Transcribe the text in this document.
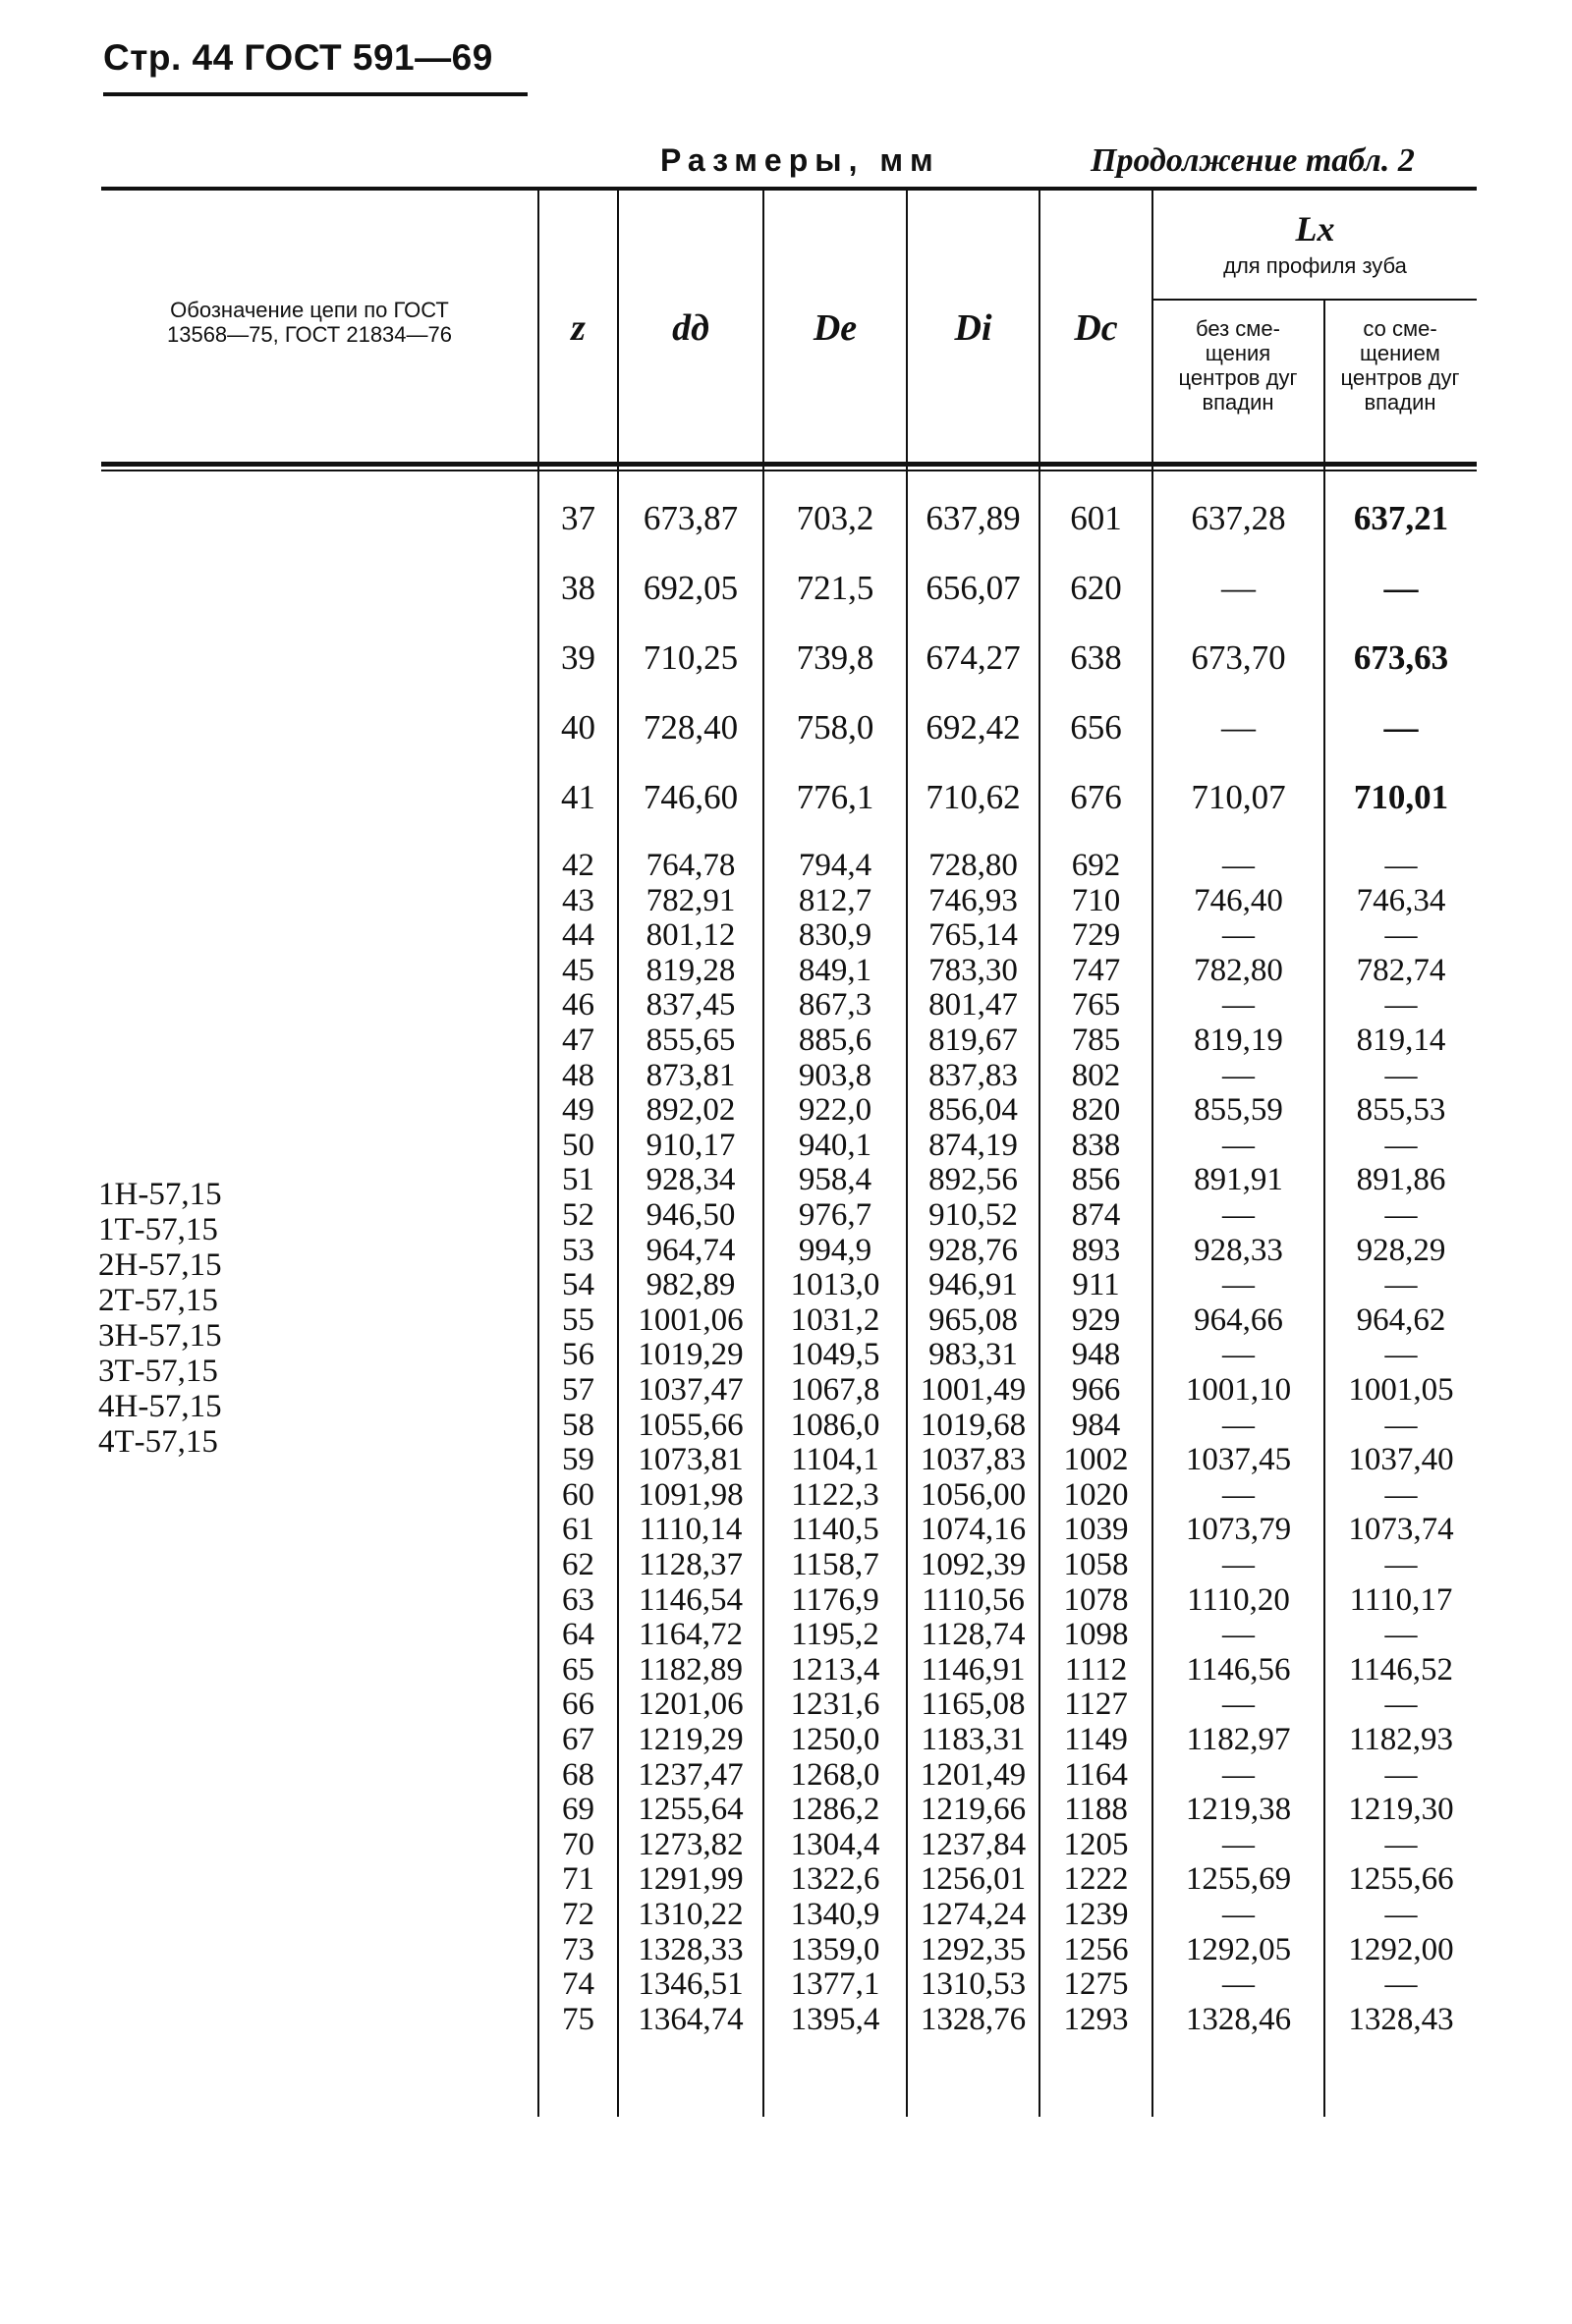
Стр. 44 ГОСТ 591—69
Размеры, мм	Продолжение табл. 2
Обозначение цепи по ГОСТ 13568—75, ГОСТ 21834—76	z	dд	De	Di	Dc
Lx
для профиля зуба
без сме- щения центров дуг впадин
со сме- щением центров дуг впадин
37	673,87	703,2	637,89	601	637,28	637,21
38	692,05	721,5	656,07	620	—	—
39	710,25	739,8	674,27	638	673,70	673,63
40	728,40	758,0	692,42	656	—	—
41	746,60	776,1	710,62	676	710,07	710,01
42	764,78	794,4	728,80	692	—	—
43	782,91	812,7	746,93	710	746,40	746,34
44	801,12	830,9	765,14	729	—	—
45	819,28	849,1	783,30	747	782,80	782,74
46	837,45	867,3	801,47	765	—	—
47	855,65	885,6	819,67	785	819,19	819,14
48	873,81	903,8	837,83	802	—	—
49	892,02	922,0	856,04	820	855,59	855,53
50	910,17	940,1	874,19	838	—	—
51	928,34	958,4	892,56	856	891,91	891,86
52	946,50	976,7	910,52	874	—	—
53	964,74	994,9	928,76	893	928,33	928,29
54	982,89	1013,0	946,91	911	—	—
55	1001,06	1031,2	965,08	929	964,66	964,62
56	1019,29	1049,5	983,31	948	—	—
57	1037,47	1067,8	1001,49	966	1001,10	1001,05
58	1055,66	1086,0	1019,68	984	—	—
59	1073,81	1104,1	1037,83	1002	1037,45	1037,40
60	1091,98	1122,3	1056,00	1020	—	—
61	1110,14	1140,5	1074,16	1039	1073,79	1073,74
62	1128,37	1158,7	1092,39	1058	—	—
63	1146,54	1176,9	1110,56	1078	1110,20	1110,17
64	1164,72	1195,2	1128,74	1098	—	—
65	1182,89	1213,4	1146,91	1112	1146,56	1146,52
66	1201,06	1231,6	1165,08	1127	—	—
67	1219,29	1250,0	1183,31	1149	1182,97	1182,93
68	1237,47	1268,0	1201,49	1164	—	—
69	1255,64	1286,2	1219,66	1188	1219,38	1219,30
70	1273,82	1304,4	1237,84	1205	—	—
71	1291,99	1322,6	1256,01	1222	1255,69	1255,66
72	1310,22	1340,9	1274,24	1239	—	—
73	1328,33	1359,0	1292,35	1256	1292,05	1292,00
74	1346,51	1377,1	1310,53	1275	—	—
75	1364,74	1395,4	1328,76	1293	1328,46	1328,43
1Н-57,15
1Т-57,15
2Н-57,15
2Т-57,15
3Н-57,15
3Т-57,15
4Н-57,15
4Т-57,15
